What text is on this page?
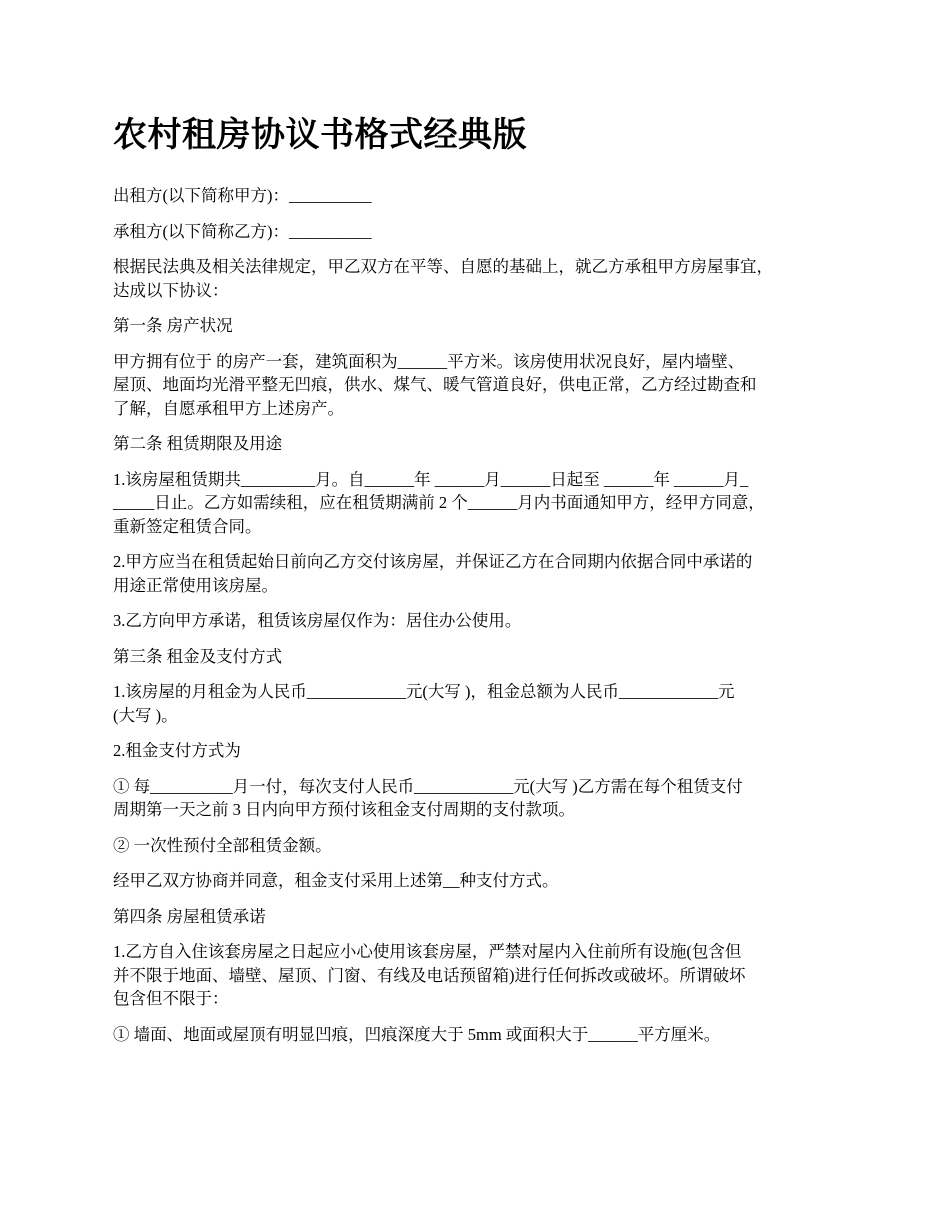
农村租房协议书格式经典版

出租方(以下简称甲方)：__________

承租方(以下简称乙方)：__________

根据民法典及相关法律规定，甲乙双方在平等、自愿的基础上，就乙方承租甲方房屋事宜，
达成以下协议：

第一条 房产状况

甲方拥有位于 的房产一套，建筑面积为______平方米。该房使用状况良好，屋内墙壁、
屋顶、地面均光滑平整无凹痕，供水、煤气、暖气管道良好，供电正常，乙方经过勘查和
了解，自愿承租甲方上述房产。

第二条 租赁期限及用途

1.该房屋租赁期共_________月。自______年 ______月______日起至 ______年 ______月_
_____日止。乙方如需续租，应在租赁期满前 2 个______月内书面通知甲方，经甲方同意，
重新签定租赁合同。

2.甲方应当在租赁起始日前向乙方交付该房屋，并保证乙方在合同期内依据合同中承诺的
用途正常使用该房屋。

3.乙方向甲方承诺，租赁该房屋仅作为：居住办公使用。

第三条 租金及支付方式

1.该房屋的月租金为人民币____________元(大写 )，租金总额为人民币____________元
(大写 )。

2.租金支付方式为

① 每__________月一付，每次支付人民币____________元(大写 )乙方需在每个租赁支付
周期第一天之前 3 日内向甲方预付该租金支付周期的支付款项。

② 一次性预付全部租赁金额。

经甲乙双方协商并同意，租金支付采用上述第__种支付方式。

第四条 房屋租赁承诺

1.乙方自入住该套房屋之日起应小心使用该套房屋，严禁对屋内入住前所有设施(包含但
并不限于地面、墙壁、屋顶、门窗、有线及电话预留箱)进行任何拆改或破坏。所谓破坏
包含但不限于：

① 墙面、地面或屋顶有明显凹痕，凹痕深度大于 5mm 或面积大于______平方厘米。
